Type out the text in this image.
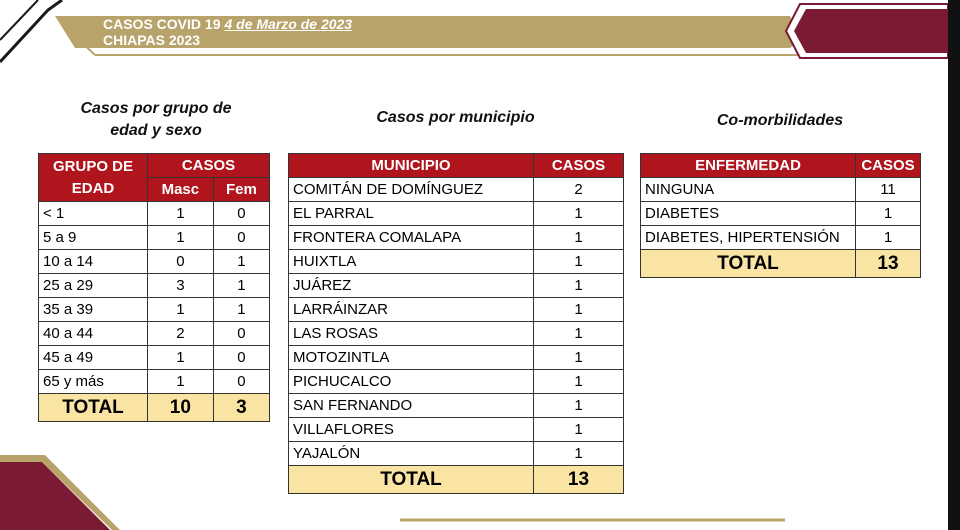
CASOS COVID 19 4 de Marzo de 2023
CHIAPAS 2023
Casos por grupo de
edad y sexo
GRUPO DE
EDAD	CASOS	
	Masc	Fem
< 1	1	0
5 a 9	1	0
10 a 14	0	1
25 a 29	3	1
35 a 39	1	1
40 a 44	2	0
45 a 49	1	0
65 y más	1	0
TOTAL	10	3
Casos por municipio
MUNICIPIO	CASOS
COMITÁN DE DOMÍNGUEZ	2
EL PARRAL	1
FRONTERA COMALAPA	1
HUIXTLA	1
JUÁREZ	1
LARRÁINZAR	1
LAS ROSAS	1
MOTOZINTLA	1
PICHUCALCO	1
SAN FERNANDO	1
VILLAFLORES	1
YAJALÓN	1
TOTAL	13
Co-morbilidades
ENFERMEDAD	CASOS
NINGUNA	11
DIABETES	1
DIABETES, HIPERTENSIÓN	1
TOTAL	13
